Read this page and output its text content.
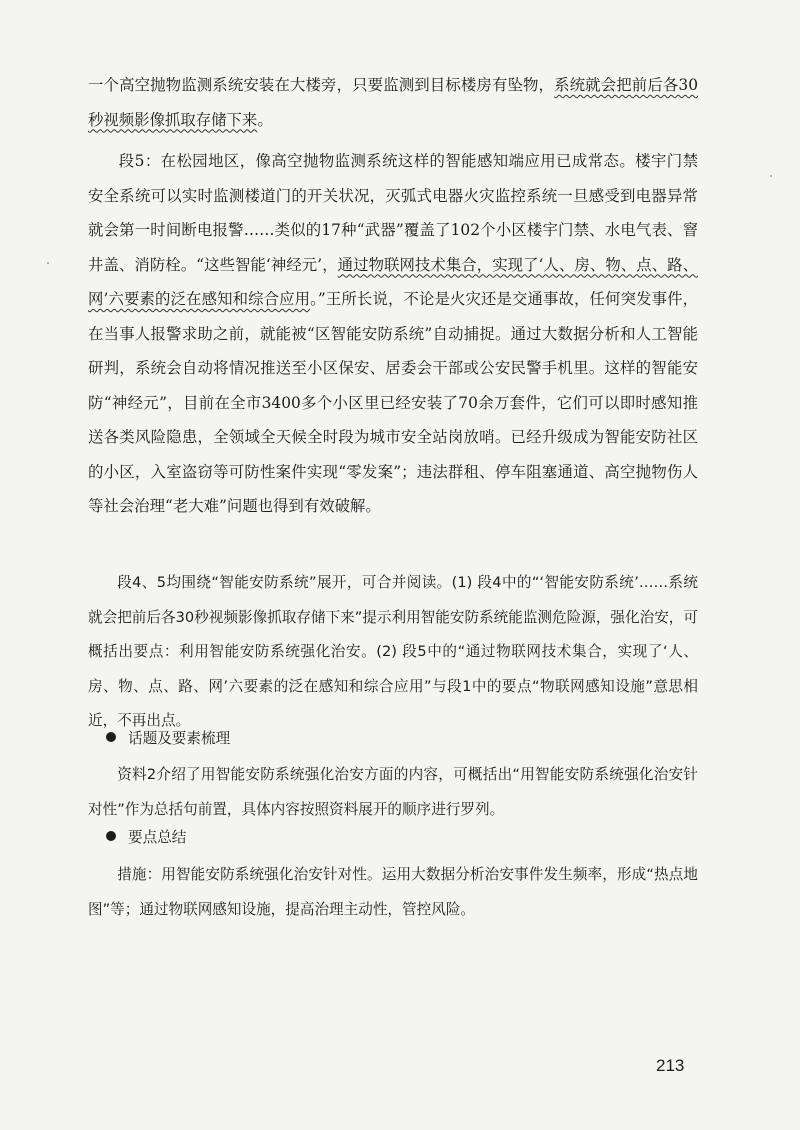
一个高空抛物监测系统安装在大楼旁，只要监测到目标楼房有坠物，系统就会把前后各30秒视频影像抓取存储下来。
段5：在松园地区，像高空抛物监测系统这样的智能感知端应用已成常态。楼宇门禁安全系统可以实时监测楼道门的开关状况，灭弧式电器火灾监控系统一旦感受到电器异常就会第一时间断电报警……类似的17种“武器”覆盖了102个小区楼宇门禁、水电气表、窨井盖、消防栓。“这些智能‘神经元’，通过物联网技术集合，实现了‘人、房、物、点、路、网’六要素的泛在感知和综合应用。”王所长说，不论是火灾还是交通事故，任何突发事件，在当事人报警求助之前，就能被“区智能安防系统”自动捕捉。通过大数据分析和人工智能研判，系统会自动将情况推送至小区保安、居委会干部或公安民警手机里。这样的智能安防“神经元”，目前在全市3400多个小区里已经安装了70余万套件，它们可以即时感知推送各类风险隐患，全领域全天候全时段为城市安全站岗放哨。已经升级成为智能安防社区的小区，入室盗窃等可防性案件实现“零发案”；违法群租、停车阻塞通道、高空抛物伤人等社会治理“老大难”问题也得到有效破解。
段4、5均围绕“智能安防系统”展开，可合并阅读。(1) 段4中的“‘智能安防系统’……系统就会把前后各30秒视频影像抓取存储下来”提示利用智能安防系统能监测危险源，强化治安，可概括出要点：利用智能安防系统强化治安。(2) 段5中的“通过物联网技术集合，实现了‘人、房、物、点、路、网’六要素的泛在感知和综合应用”与段1中的要点“物联网感知设施”意思相近，不再出点。
话题及要素梳理
资料2介绍了用智能安防系统强化治安方面的内容，可概括出“用智能安防系统强化治安针对性”作为总括句前置，具体内容按照资料展开的顺序进行罗列。
要点总结
措施：用智能安防系统强化治安针对性。运用大数据分析治安事件发生频率，形成“热点地图”等；通过物联网感知设施，提高治理主动性，管控风险。
213
